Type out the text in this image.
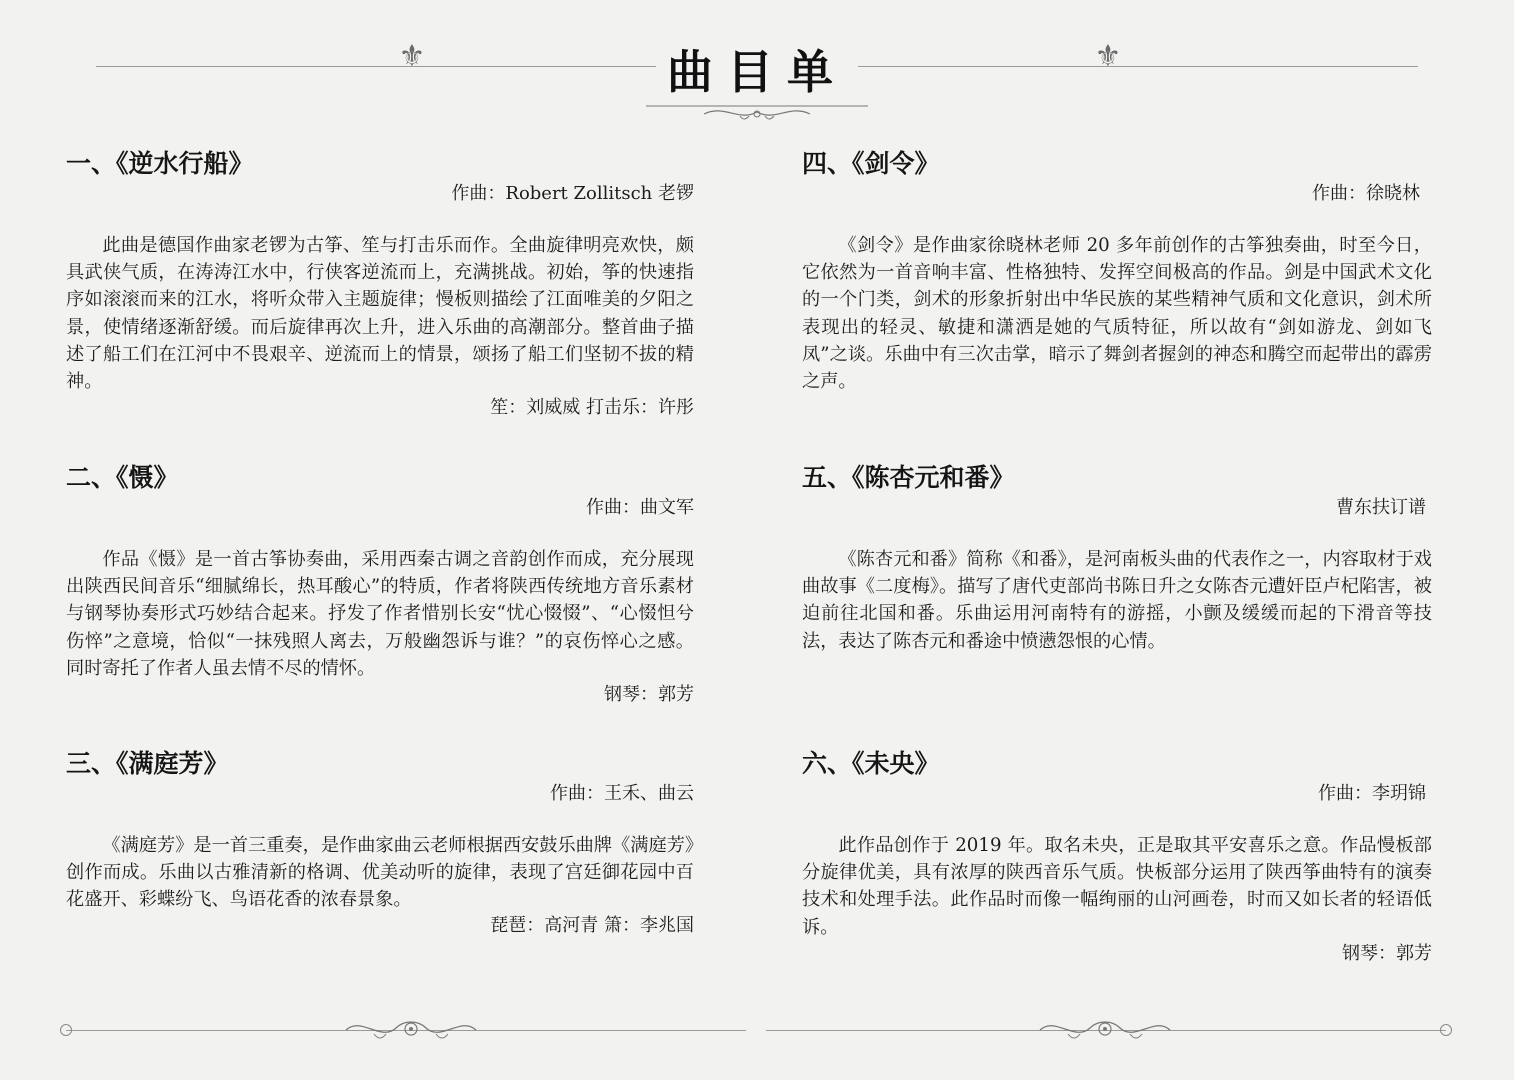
⚜	⚜
曲目单
一、《逆水行船》
作曲：Robert Zollitsch 老锣

此曲是德国作曲家老锣为古筝、笙与打击乐而作。全曲旋律明亮欢快，颇具武侠气质，在涛涛江水中，行侠客逆流而上，充满挑战。初始，筝的快速指序如滚滚而来的江水，将听众带入主题旋律；慢板则描绘了江面唯美的夕阳之景，使情绪逐渐舒缓。而后旋律再次上升，进入乐曲的高潮部分。整首曲子描述了船工们在江河中不畏艰辛、逆流而上的情景，颂扬了船工们坚韧不拔的精神。

笙：刘威威 打击乐：许彤
二、《慑》
作曲：曲文军

作品《慑》是一首古筝协奏曲，采用西秦古调之音韵创作而成，充分展现出陕西民间音乐“细腻绵长，热耳酸心”的特质，作者将陕西传统地方音乐素材与钢琴协奏形式巧妙结合起来。抒发了作者惜别长安“忧心惙惙”、“心惙怛兮伤悴”之意境，恰似“一抹残照人离去，万般幽怨诉与谁？”的哀伤悴心之感。同时寄托了作者人虽去情不尽的情怀。

钢琴：郭芳
三、《满庭芳》
作曲：王禾、曲云

《满庭芳》是一首三重奏，是作曲家曲云老师根据西安鼓乐曲牌《满庭芳》创作而成。乐曲以古雅清新的格调、优美动听的旋律，表现了宫廷御花园中百花盛开、彩蝶纷飞、鸟语花香的浓春景象。

琵琶：高河青 箫：李兆国
四、《剑令》
作曲：徐晓林

《剑令》是作曲家徐晓林老师 20 多年前创作的古筝独奏曲，时至今日，它依然为一首音响丰富、性格独特、发挥空间极高的作品。剑是中国武术文化的一个门类，剑术的形象折射出中华民族的某些精神气质和文化意识，剑术所表现出的轻灵、敏捷和潇洒是她的气质特征，所以故有“剑如游龙、剑如飞凤”之谈。乐曲中有三次击掌，暗示了舞剑者握剑的神态和腾空而起带出的霹雳之声。

五、《陈杏元和番》
曹东扶订谱

《陈杏元和番》简称《和番》，是河南板头曲的代表作之一，内容取材于戏曲故事《二度梅》。描写了唐代吏部尚书陈日升之女陈杏元遭奸臣卢杞陷害，被迫前往北国和番。乐曲运用河南特有的游摇，小颤及缓缓而起的下滑音等技法，表达了陈杏元和番途中愤懑怨恨的心情。

六、《未央》
作曲：李玥锦

此作品创作于 2019 年。取名未央，正是取其平安喜乐之意。作品慢板部分旋律优美，具有浓厚的陕西音乐气质。快板部分运用了陕西筝曲特有的演奏技术和处理手法。此作品时而像一幅绚丽的山河画卷，时而又如长者的轻语低诉。

钢琴：郭芳
